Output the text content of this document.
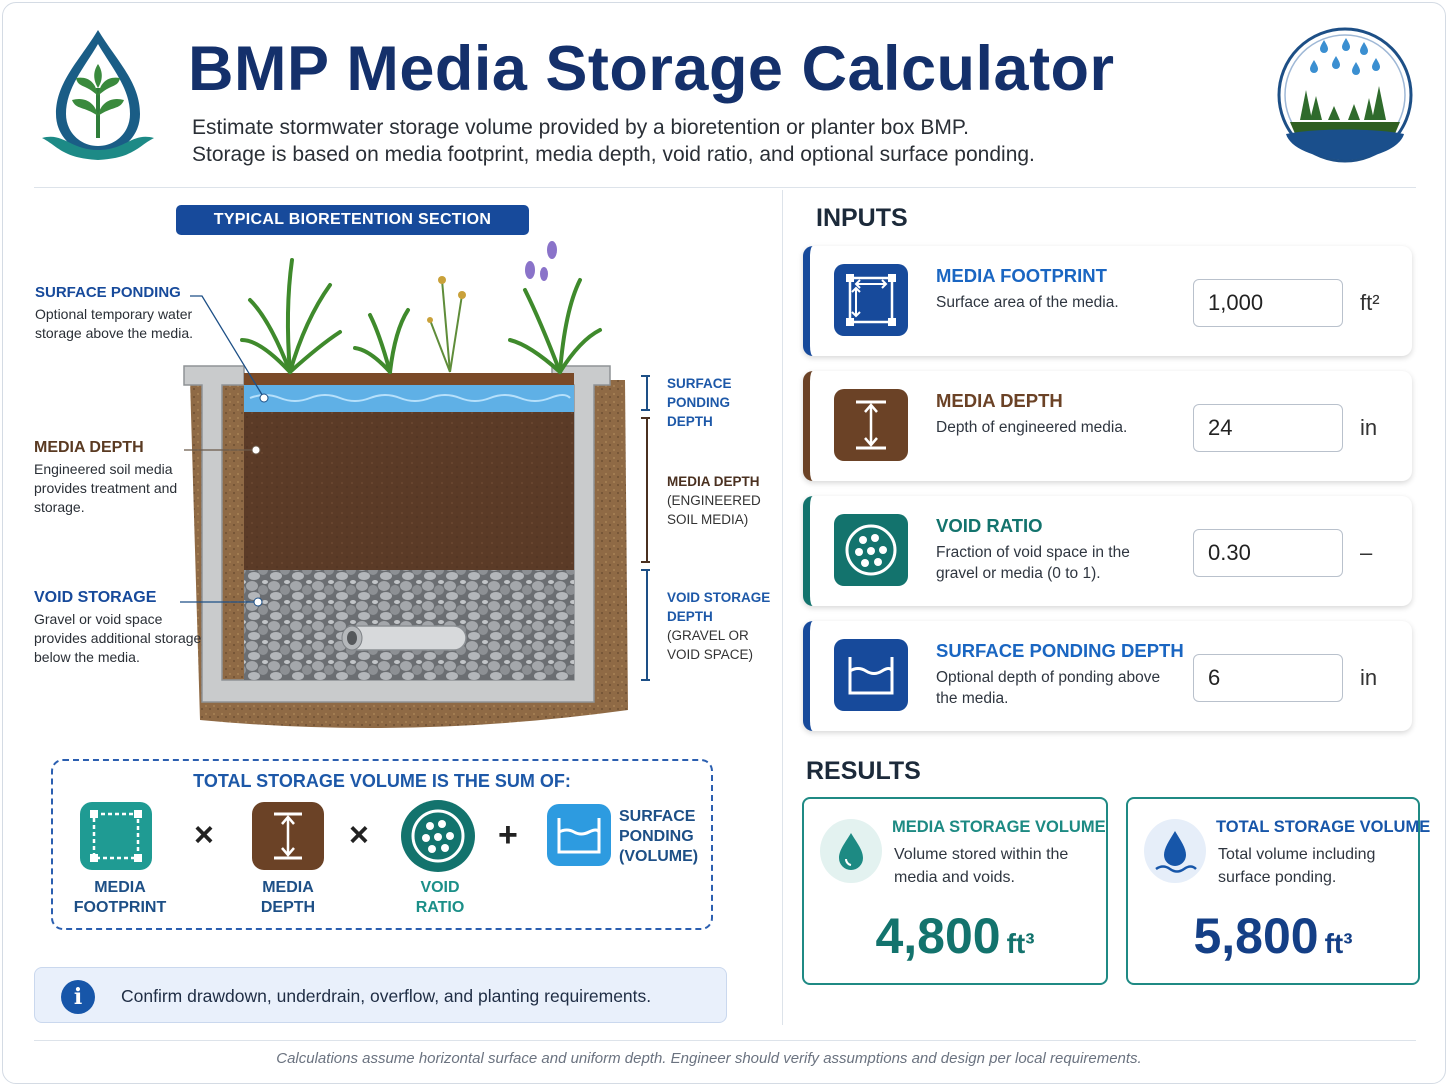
BMP Media Storage Calculator
Estimate stormwater storage volume provided by a bioretention or planter box BMP.
Storage is based on media footprint, media depth, void ratio, and optional surface ponding.
TYPICAL BIORETENTION SECTION
SURFACE PONDING
Optional temporary water storage above the media.
MEDIA DEPTH
Engineered soil media provides treatment and storage.
VOID STORAGE
Gravel or void space provides additional storage below the media.
SURFACE PONDING DEPTH
MEDIA DEPTH
(ENGINEERED SOIL MEDIA)
VOID STORAGE DEPTH
(GRAVEL OR VOID SPACE)
TOTAL STORAGE VOLUME IS THE SUM OF:
MEDIA
FOOTPRINT
×
MEDIA
DEPTH
×
VOID
RATIO
+	SURFACE
PONDING
(VOLUME)
i	Confirm drawdown, underdrain, overflow, and planting requirements.
INPUTS
MEDIA FOOTPRINT
Surface area of the media.
1,000	ft²
MEDIA DEPTH
Depth of engineered media.
24	in
VOID RATIO
Fraction of void space in the gravel or media (0 to 1).
0.30
–
SURFACE PONDING DEPTH
Optional depth of ponding above the media.
6
in
RESULTS
MEDIA STORAGE VOLUME
Volume stored within the media and voids.
4,800 ft³
TOTAL STORAGE VOLUME
Total volume including surface ponding.
5,800 ft³
Calculations assume horizontal surface and uniform depth. Engineer should verify assumptions and design per local requirements.
